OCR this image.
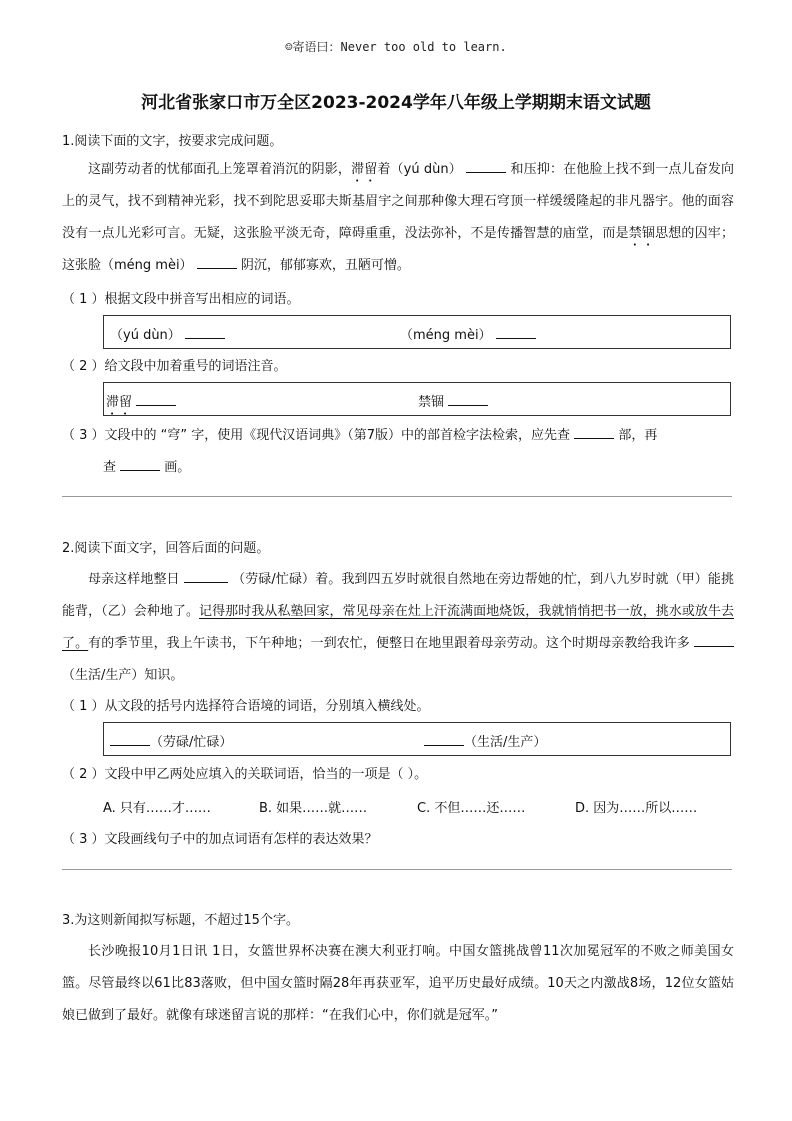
☺寄语曰：Never too old to learn.
河北省张家口市万全区2023-2024学年八年级上学期期末语文试题
1.阅读下面的文字，按要求完成问题。
这副劳动者的忧郁面孔上笼罩着消沉的阴影，滞留着（yú dùn）	和压抑：在他脸上找不到一点儿奋发向上的灵气，找不到精神光彩，找不到陀思妥耶夫斯基眉宇之间那种像大理石穹顶一样缓缓隆起的非凡器宇。他的面容没有一点儿光彩可言。无疑，这张脸平淡无奇，障碍重重，没法弥补，不是传播智慧的庙堂，而是禁锢思想的囚牢；这张脸（méng mèi）	阴沉，郁郁寡欢，丑陋可憎。
（ 1 ）根据文段中拼音写出相应的词语。
（yú dùn）	（méng mèi）
（ 2 ）给文段中加着重号的词语注音。
滞留	禁锢
（ 3 ）文段中的 “穹” 字，使用《现代汉语词典》（第7版）中的部首检字法检索，应先查	部，再
查	画。
2.阅读下面文字，回答后面的问题。
母亲这样地整日	（劳碌/忙碌）着。我到四五岁时就很自然地在旁边帮她的忙，到八九岁时就（甲）能挑能背，（乙）会种地了。记得那时我从私塾回家，常见母亲在灶上汗流满面地烧饭，我就悄悄把书一放，挑水或放牛去了。有的季节里，我上午读书，下午种地；一到农忙，便整日在地里跟着母亲劳动。这个时期母亲教给我许多  （生活/生产）知识。
（ 1 ）从文段的括号内选择符合语境的词语，分别填入横线处。
（劳碌/忙碌）	（生活/生产）
（ 2 ）文段中甲乙两处应填入的关联词语，恰当的一项是（ ）。
A. 只有……才……	B. 如果……就……	C. 不但……还……	D. 因为……所以……
（ 3 ）文段画线句子中的加点词语有怎样的表达效果？
3.为这则新闻拟写标题，不超过15个字。
长沙晚报10月1日讯 1日，女篮世界杯决赛在澳大利亚打响。中国女篮挑战曾11次加冕冠军的不败之师美国女篮。尽管最终以61比83落败，但中国女篮时隔28年再获亚军，追平历史最好成绩。10天之内激战8场，12位女篮姑娘已做到了最好。就像有球迷留言说的那样：“在我们心中，你们就是冠军。”
